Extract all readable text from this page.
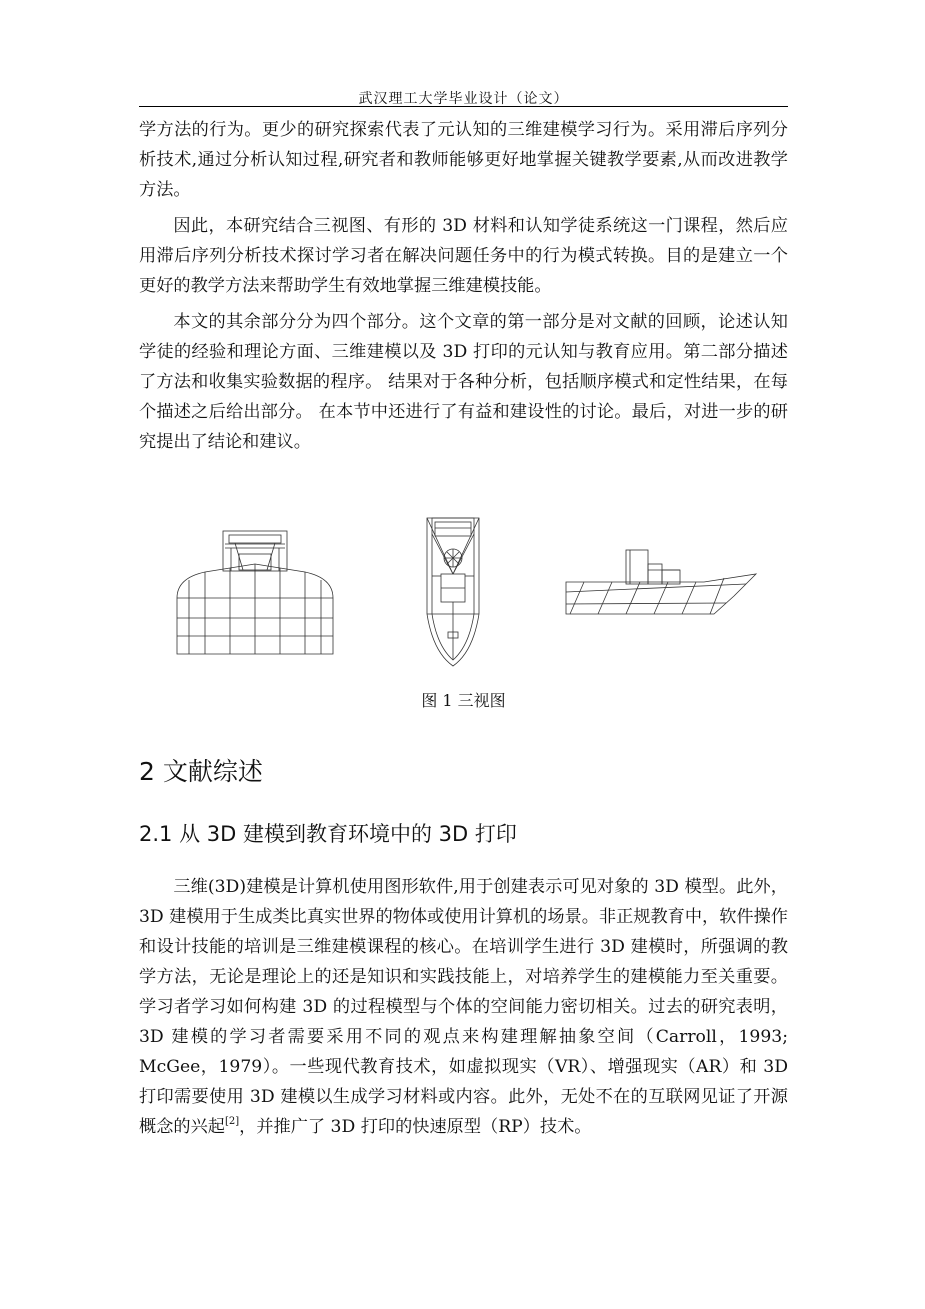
武汉理工大学毕业设计（论文）

学方法的行为。更少的研究探索代表了元认知的三维建模学习行为。采用滞后序列分析技术,通过分析认知过程,研究者和教师能够更好地掌握关键教学要素,从而改进教学方法。

因此，本研究结合三视图、有形的 3D 材料和认知学徒系统这一门课程，然后应用滞后序列分析技术探讨学习者在解决问题任务中的行为模式转换。目的是建立一个更好的教学方法来帮助学生有效地掌握三维建模技能。

本文的其余部分分为四个部分。这个文章的第一部分是对文献的回顾，论述认知学徒的经验和理论方面、三维建模以及 3D 打印的元认知与教育应用。第二部分描述了方法和收集实验数据的程序。 结果对于各种分析，包括顺序模式和定性结果，在每个描述之后给出部分。 在本节中还进行了有益和建设性的讨论。最后，对进一步的研究提出了结论和建议。

图 1 三视图
2 文献综述
2.1 从 3D 建模到教育环境中的 3D 打印

三维(3D)建模是计算机使用图形软件,用于创建表示可见对象的 3D 模型。此外，3D 建模用于生成类比真实世界的物体或使用计算机的场景。非正规教育中，软件操作和设计技能的培训是三维建模课程的核心。在培训学生进行 3D 建模时，所强调的教学方法，无论是理论上的还是知识和实践技能上，对培养学生的建模能力至关重要。学习者学习如何构建 3D 的过程模型与个体的空间能力密切相关。过去的研究表明，3D 建模的学习者需要采用不同的观点来构建理解抽象空间（Carroll，1993; McGee，1979）。一些现代教育技术，如虚拟现实（VR）、增强现实（AR）和 3D 打印需要使用 3D 建模以生成学习材料或内容。此外，无处不在的互联网见证了开源概念的兴起[2]，并推广了 3D 打印的快速原型（RP）技术。
